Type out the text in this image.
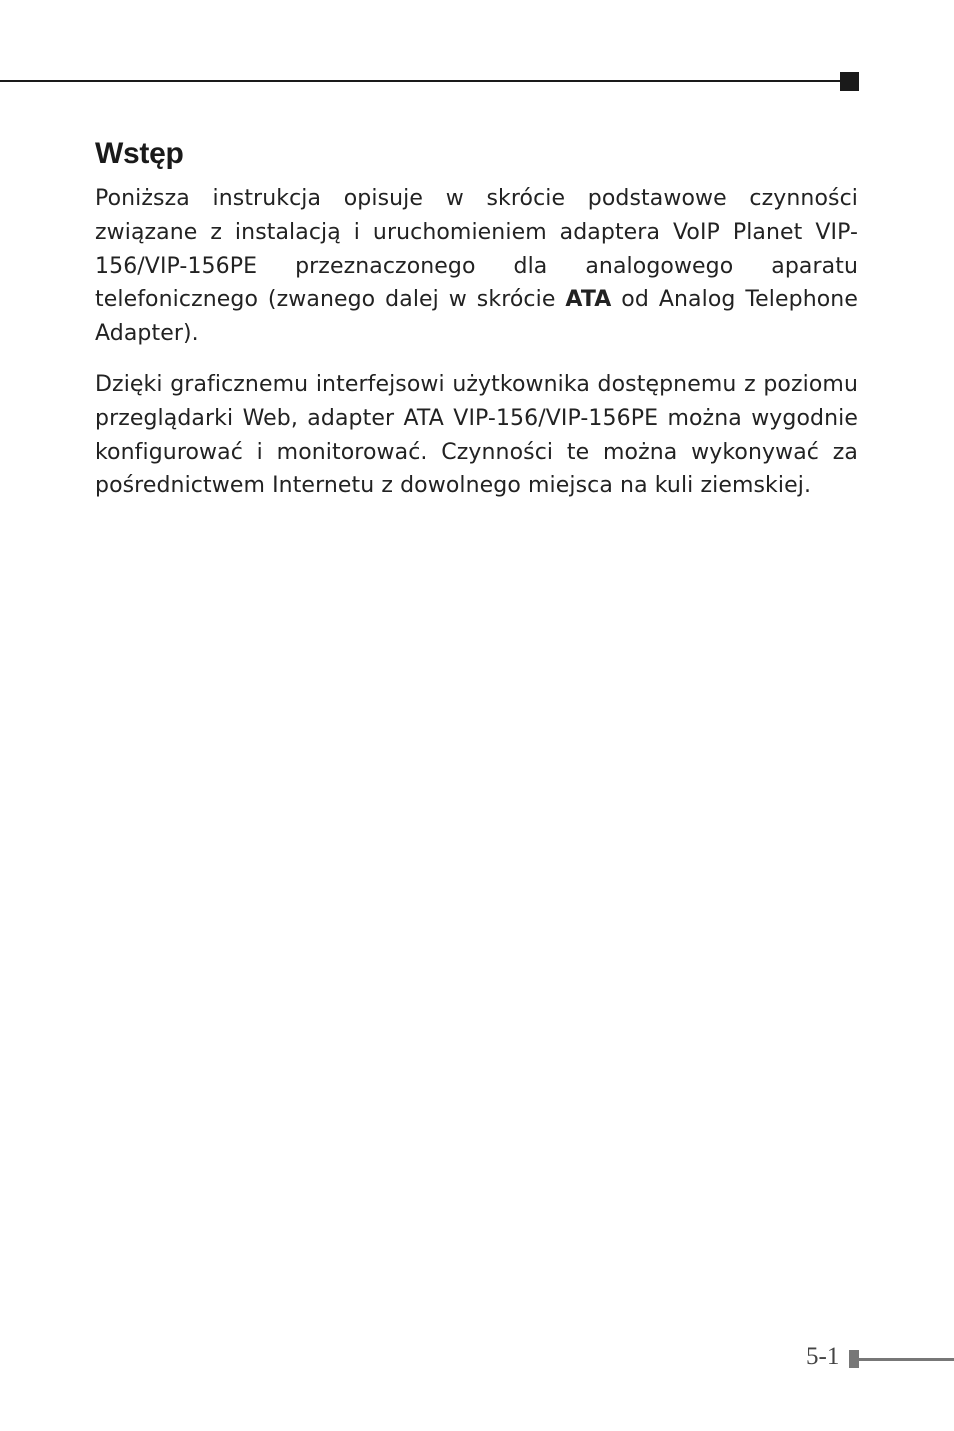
Wstęp

Poniższa instrukcja opisuje w skrócie podstawowe czynności związane z instalacją i uruchomieniem adaptera VoIP Planet VIP-156/VIP-156PE przeznaczonego dla analogowego aparatu telefonicznego (zwanego dalej w skrócie ATA od Analog Telephone Adapter).

Dzięki graficznemu interfejsowi użytkownika dostępnemu z poziomu przeglądarki Web, adapter ATA VIP-156/VIP-156PE można wygodnie konfigurować i monitorować. Czynności te można wykonywać za pośrednictwem Internetu z dowolnego miejsca na kuli ziemskiej.

5-1
